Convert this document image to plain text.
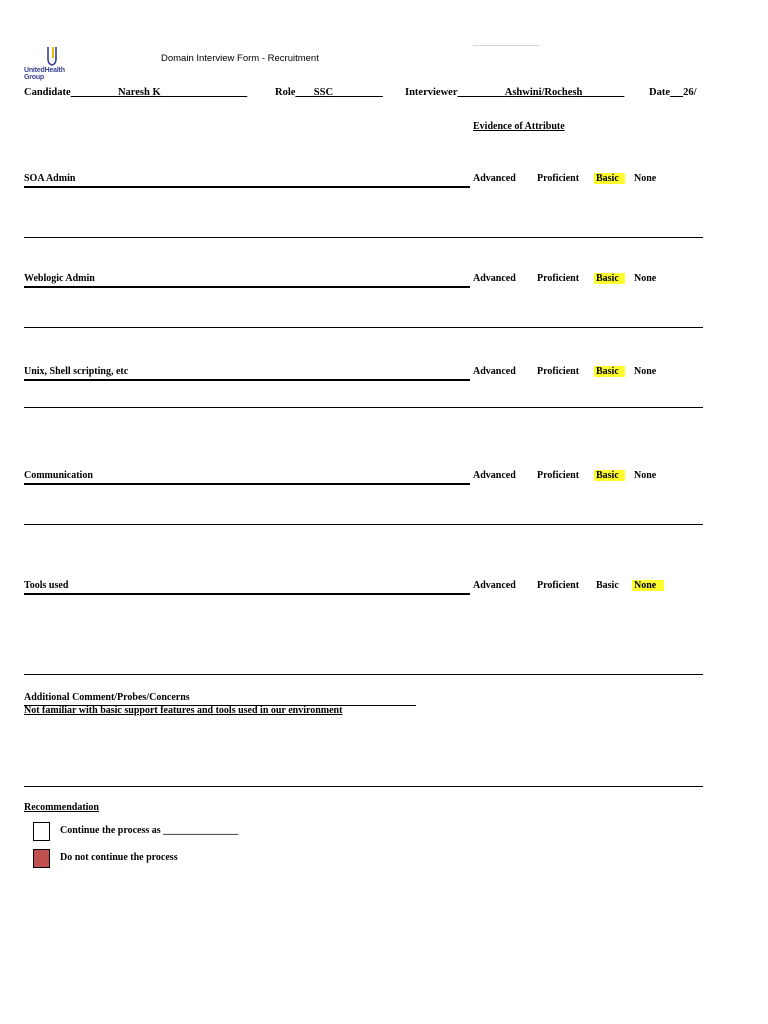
UnitedHealth Group
Domain Interview Form - Recruitment
Candidate	Naresh K	Role SSC	Interviewer	Ashwini/Rochesh	Date 26/
Evidence of Attribute
SOA Admin	Advanced Proficient Basic	None
Weblogic Admin	Advanced Proficient Basic	None
Unix, Shell scripting, etc	Advanced Proficient Basic	None
Communication	Advanced Proficient Basic	None
Tools used	Advanced Proficient Basic None
Additional Comment/Probes/Concerns
Not familiar with basic support features and tools used in our environment
Recommendation
Continue the process as _______________
Do not continue the process
